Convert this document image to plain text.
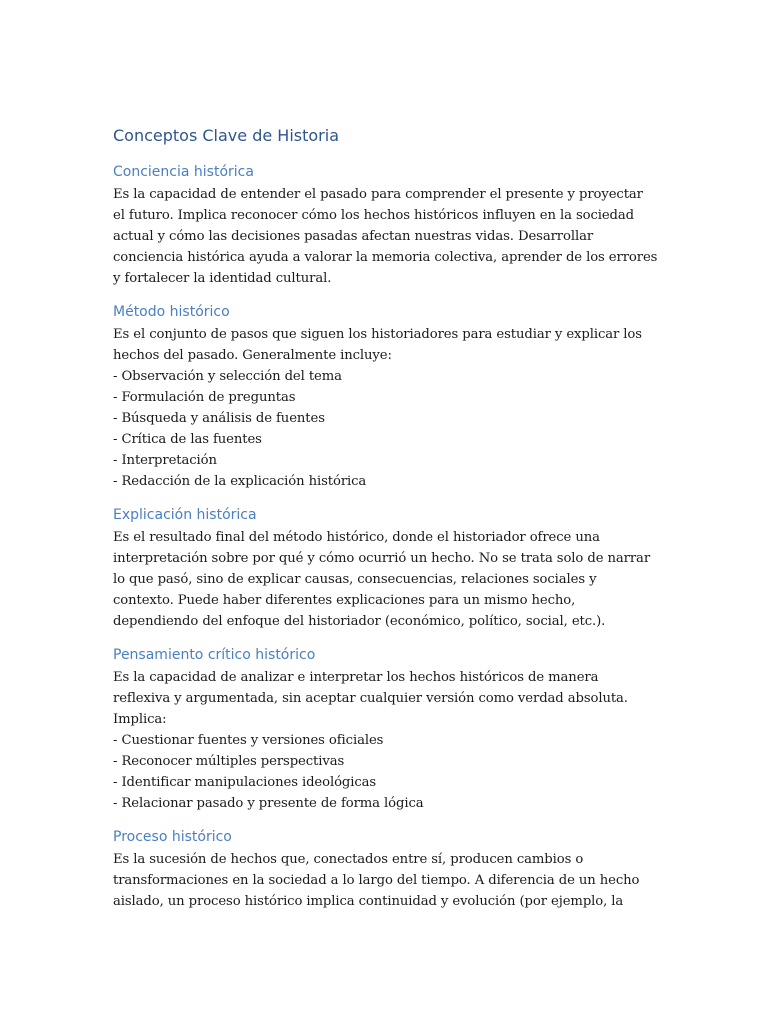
Conceptos Clave de Historia
Conciencia histórica

Es la capacidad de entender el pasado para comprender el presente y proyectar el futuro. Implica reconocer cómo los hechos históricos influyen en la sociedad actual y cómo las decisiones pasadas afectan nuestras vidas. Desarrollar conciencia histórica ayuda a valorar la memoria colectiva, aprender de los errores y fortalecer la identidad cultural.

Método histórico

Es el conjunto de pasos que siguen los historiadores para estudiar y explicar los hechos del pasado. Generalmente incluye:

- Observación y selección del tema

- Formulación de preguntas

- Búsqueda y análisis de fuentes

- Crítica de las fuentes

- Interpretación

- Redacción de la explicación histórica

Explicación histórica

Es el resultado final del método histórico, donde el historiador ofrece una interpretación sobre por qué y cómo ocurrió un hecho. No se trata solo de narrar lo que pasó, sino de explicar causas, consecuencias, relaciones sociales y contexto. Puede haber diferentes explicaciones para un mismo hecho, dependiendo del enfoque del historiador (económico, político, social, etc.).

Pensamiento crítico histórico

Es la capacidad de analizar e interpretar los hechos históricos de manera reflexiva y argumentada, sin aceptar cualquier versión como verdad absoluta. Implica:

- Cuestionar fuentes y versiones oficiales

- Reconocer múltiples perspectivas

- Identificar manipulaciones ideológicas

- Relacionar pasado y presente de forma lógica

Proceso histórico

Es la sucesión de hechos que, conectados entre sí, producen cambios o transformaciones en la sociedad a lo largo del tiempo. A diferencia de un hecho aislado, un proceso histórico implica continuidad y evolución (por ejemplo, la
